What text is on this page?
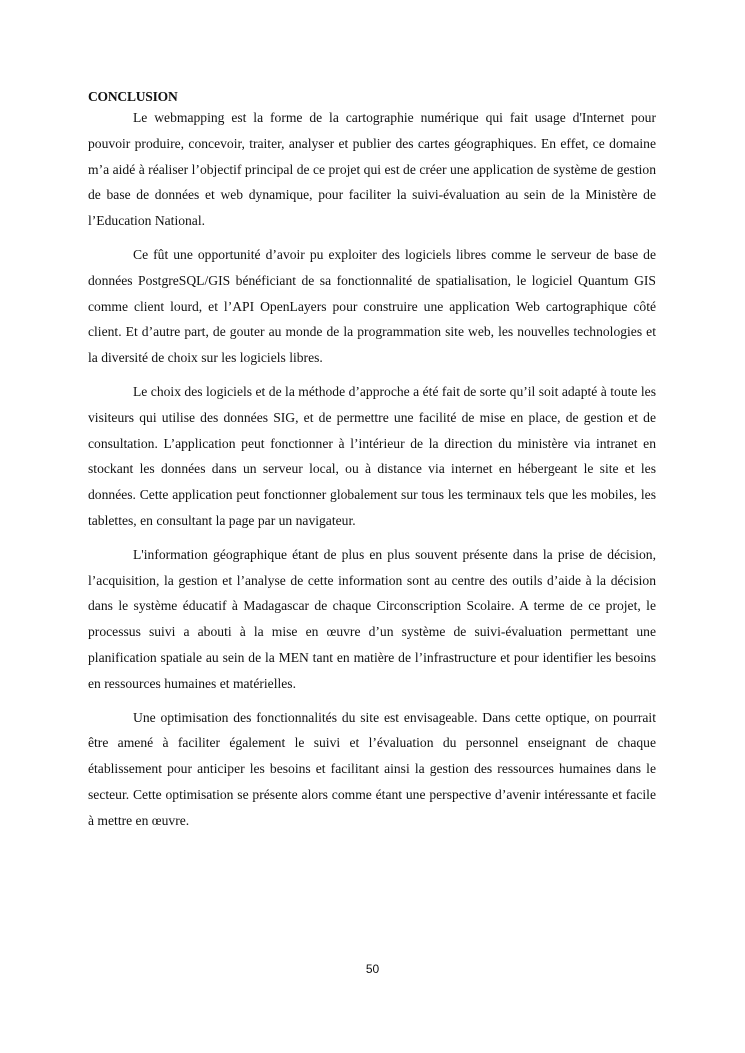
CONCLUSION

Le webmapping est la forme de la cartographie numérique qui fait usage d'Internet pour pouvoir produire, concevoir, traiter, analyser et publier des cartes géographiques. En effet, ce domaine m’a aidé à réaliser l’objectif principal de ce projet qui est de créer une application de système de gestion de base de données et web dynamique, pour faciliter la suivi-évaluation au sein de la Ministère de l’Education National.

Ce fût une opportunité d’avoir pu exploiter des logiciels libres comme le serveur de base de données PostgreSQL/GIS bénéficiant de sa fonctionnalité de spatialisation, le logiciel Quantum GIS comme client lourd, et l’API OpenLayers pour construire une application Web cartographique côté client. Et d’autre part, de gouter au monde de la programmation site web, les nouvelles technologies et la diversité de choix sur les logiciels libres.

Le choix des logiciels et de la méthode d’approche a été fait de sorte qu’il soit adapté à toute les visiteurs qui utilise des données SIG, et de permettre une facilité de mise en place, de gestion et de consultation. L’application peut fonctionner à l’intérieur de la direction du ministère via intranet en stockant les données dans un serveur local, ou à distance via internet en hébergeant le site et les données. Cette application peut fonctionner globalement sur tous les terminaux tels que les mobiles, les tablettes, en consultant la page par un navigateur.

L'information géographique étant de plus en plus souvent présente dans la prise de décision, l’acquisition, la gestion et l’analyse de cette information sont au centre des outils d’aide à la décision dans le système éducatif à Madagascar de chaque Circonscription Scolaire. A terme de ce projet, le processus suivi a abouti à la mise en œuvre d’un système de suivi-évaluation permettant une planification spatiale au sein de la MEN tant en matière de l’infrastructure et pour identifier les besoins en ressources humaines et matérielles.

Une optimisation des fonctionnalités du site est envisageable. Dans cette optique, on pourrait être amené à faciliter également le suivi et l’évaluation du personnel enseignant de chaque établissement pour anticiper les besoins et facilitant ainsi la gestion des ressources humaines dans le secteur. Cette optimisation se présente alors comme étant une perspective d’avenir intéressante et facile à mettre en œuvre.

50
